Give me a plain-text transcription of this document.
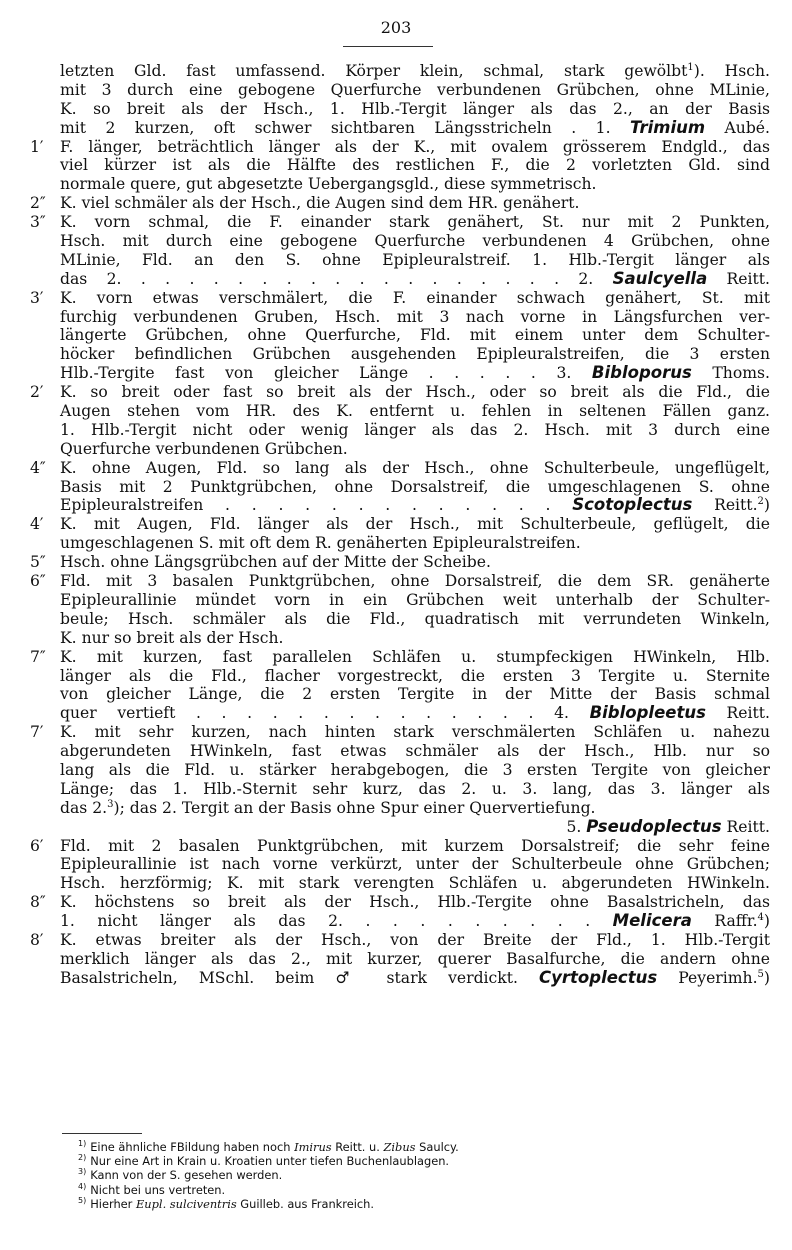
203
letzten Gld. fast umfassend. Körper klein, schmal, stark gewölbt$^1$). Hsch.
mit 3 durch eine gebogene Querfurche verbundenen Grübchen, ohne MLinie,
K. so breit als der Hsch., 1. Hlb.-Tergit länger als das 2., an der Basis
mit 2 kurzen, oft schwer sichtbaren Längsstricheln . 1. Trimium Aubé.
1′ F. länger, beträchtlich länger als der K., mit ovalem grösserem Endgld., das
viel kürzer ist als die Hälfte des restlichen F., die 2 vorletzten Gld. sind
normale quere, gut abgesetzte Uebergangsgld., diese symmetrisch.
2″ K. viel schmäler als der Hsch., die Augen sind dem HR. genähert.
3″ K. vorn schmal, die F. einander stark genähert, St. nur mit 2 Punkten,
Hsch. mit durch eine gebogene Querfurche verbundenen 4 Grübchen, ohne
MLinie, Fld. an den S. ohne Epipleuralstreif. 1. Hlb.-Tergit länger als
das 2. . . . . . . . . . . . . . . . . . . 2. Saulcyella Reitt.
3′ K. vorn etwas verschmälert, die F. einander schwach genähert, St. mit
furchig verbundenen Gruben, Hsch. mit 3 nach vorne in Längsfurchen ver-
längerte Grübchen, ohne Querfurche, Fld. mit einem unter dem Schulter-
höcker befindlichen Grübchen ausgehenden Epipleuralstreifen, die 3 ersten
Hlb.-Tergite fast von gleicher Länge . . . . . 3. Bibloporus Thoms.
2′ K. so breit oder fast so breit als der Hsch., oder so breit als die Fld., die
Augen stehen vom HR. des K. entfernt u. fehlen in seltenen Fällen ganz.
1. Hlb.-Tergit nicht oder wenig länger als das 2. Hsch. mit 3 durch eine
Querfurche verbundenen Grübchen.
4″ K. ohne Augen, Fld. so lang als der Hsch., ohne Schulterbeule, ungeflügelt,
Basis mit 2 Punktgrübchen, ohne Dorsalstreif, die umgeschlagenen S. ohne
Epipleuralstreifen . . . . . . . . . . . . . Scotoplectus Reitt.$^2$)
4′ K. mit Augen, Fld. länger als der Hsch., mit Schulterbeule, geflügelt, die
umgeschlagenen S. mit oft dem R. genäherten Epipleuralstreifen.
5″ Hsch. ohne Längsgrübchen auf der Mitte der Scheibe.
6″ Fld. mit 3 basalen Punktgrübchen, ohne Dorsalstreif, die dem SR. genäherte
Epipleurallinie mündet vorn in ein Grübchen weit unterhalb der Schulter-
beule; Hsch. schmäler als die Fld., quadratisch mit verrundeten Winkeln,
K. nur so breit als der Hsch.
7″ K. mit kurzen, fast parallelen Schläfen u. stumpfeckigen HWinkeln, Hlb.
länger als die Fld., flacher vorgestreckt, die ersten 3 Tergite u. Sternite
von gleicher Länge, die 2 ersten Tergite in der Mitte der Basis schmal
quer vertieft . . . . . . . . . . . . . . 4. Biblopleetus Reitt.
7′ K. mit sehr kurzen, nach hinten stark verschmälerten Schläfen u. nahezu
abgerundeten HWinkeln, fast etwas schmäler als der Hsch., Hlb. nur so
lang als die Fld. u. stärker herabgebogen, die 3 ersten Tergite von gleicher
Länge; das 1. Hlb.-Sternit sehr kurz, das 2. u. 3. lang, das 3. länger als
das 2.$^3$); das 2. Tergit an der Basis ohne Spur einer Quervertiefung.
5. Pseudoplectus Reitt.
6′ Fld. mit 2 basalen Punktgrübchen, mit kurzem Dorsalstreif; die sehr feine
Epipleurallinie ist nach vorne verkürzt, unter der Schulterbeule ohne Grübchen;
Hsch. herzförmig; K. mit stark verengten Schläfen u. abgerundeten HWinkeln.
8″ K. höchstens so breit als der Hsch., Hlb.-Tergite ohne Basalstricheln, das
1. nicht länger als das 2. . . . . . . . . . Melicera Raffr.$^4$)
8′ K. etwas breiter als der Hsch., von der Breite der Fld., 1. Hlb.-Tergit
merklich länger als das 2., mit kurzer, querer Basalfurche, die andern ohne
Basalstricheln, MSchl. beim ♂ stark verdickt. Cyrtoplectus Peyerimh.$^5$)
$^{1)}$ Eine ähnliche FBildung haben noch Imirus Reitt. u. Zibus Saulcy.
$^{2)}$ Nur eine Art in Krain u. Kroatien unter tiefen Buchenlaublagen.
$^{3)}$ Kann von der S. gesehen werden.
$^{4)}$ Nicht bei uns vertreten.
$^{5)}$ Hierher Eupl. sulciventris Guilleb. aus Frankreich.
